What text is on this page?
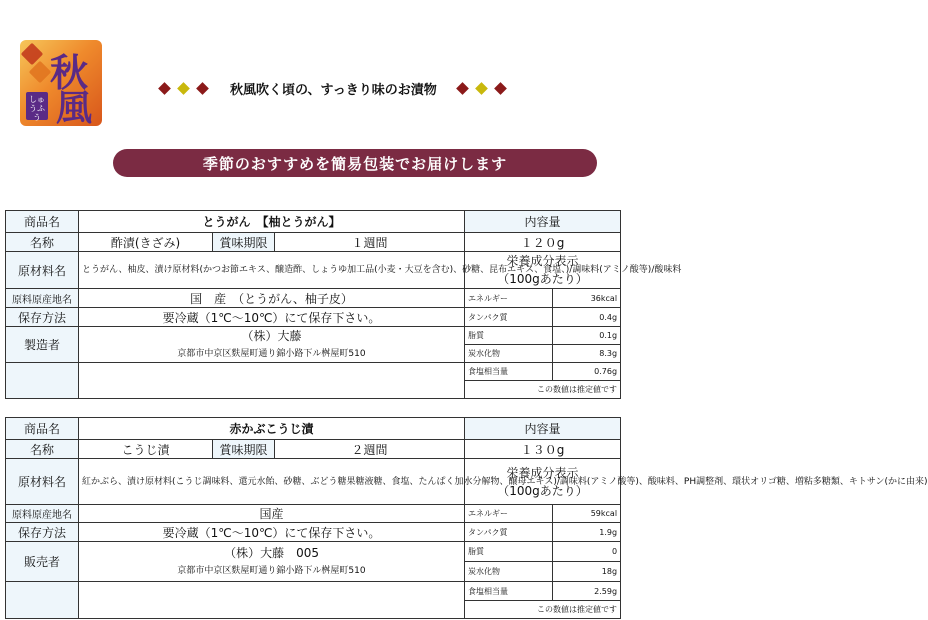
秋
風
しゅうふう
秋風吹く頃の、すっきり味のお漬物
季節のおすすめを簡易包装でお届けします
商品名	とうがん　【柚とうがん】			内容量	
名称	酢漬(きざみ)	賞味期限	１週間	１２０g	
原材料名	とうがん、柚皮、漬け原材料(かつお節エキス、醸造酢、しょうゆ加工品(小麦・大豆を含む)、砂糖、昆布エキス、食塩、)/調味料(アミノ酸等)/酸味料			栄養成分表示
（100gあたり）	
原料原産地名	国　産　（とうがん、柚子皮）			エネルギー	36kcal
保存方法	要冷蔵（1℃～10℃）にて保存下さい。			タンパク質	0.4g
製造者	（株）大藤
京都市中京区麩屋町通り錦小路下ル桝屋町510			脂質	0.1g
				炭水化物	8.3g
				食塩相当量	0.76g
				この数値は推定値です	
商品名	赤かぶこうじ漬			内容量	
名称	こうじ漬	賞味期限	２週間	１３０g	
原材料名	紅かぶら、漬け原材料(こうじ調味料、還元水飴、砂糖、ぶどう糖果糖液糖、食塩、たんぱく加水分解物、醸母エキス)/調味料(アミノ酸等)、酸味料、PH調整剤、環状オリゴ糖、増粘多糖類、キトサン(かに由来)			栄養成分表示
（100gあたり）	
原料原産地名	国産			エネルギー	59kcal
保存方法	要冷蔵（1℃～10℃）にて保存下さい。			タンパク質	1.9g
販売者	（株）大藤　005
京都市中京区麩屋町通り錦小路下ル桝屋町510			脂質	0
				炭水化物	18g
				食塩相当量	2.59g
				この数値は推定値です	
